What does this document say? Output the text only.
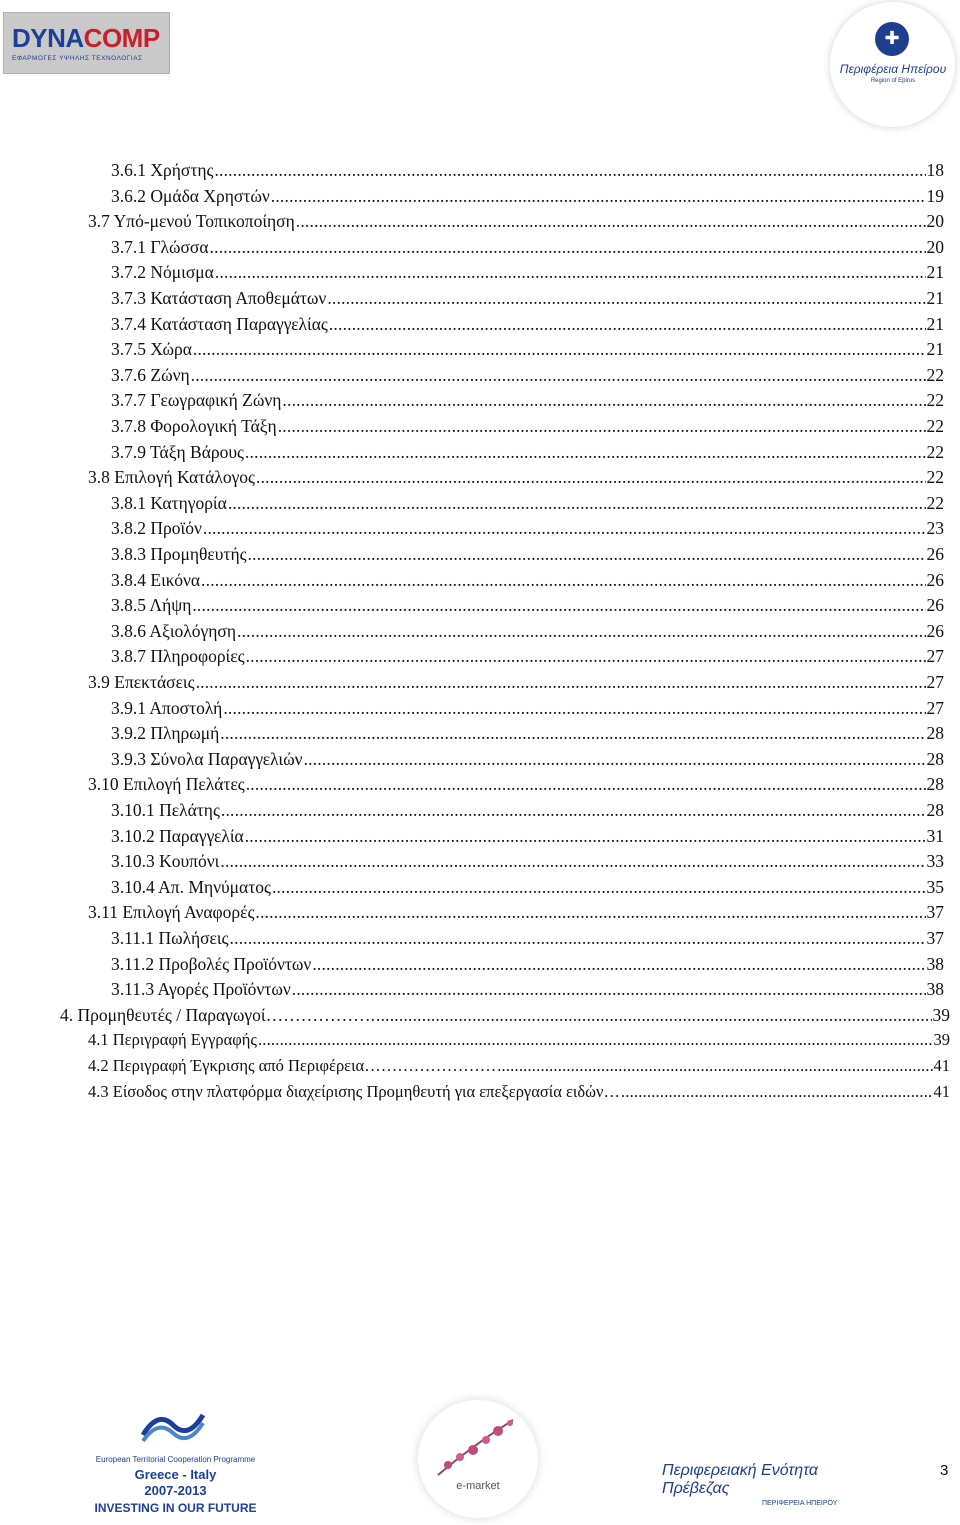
DYNACOMP
ΕΦΑΡΜΟΓΕΣ ΥΨΗΛΗΣ ΤΕΧΝΟΛΟΓΙΑΣ
✚
Περιφέρεια Ηπείρου
Region of Epirus
3.6.1 Χρήστης .....	18
3.6.2 Ομάδα Χρηστών .....	19
3.7 Υπό-μενού Τοπικοποίηση .....	20
3.7.1 Γλώσσα .....	20
3.7.2 Νόμισμα .....	21
3.7.3 Κατάσταση Αποθεμάτων .....	21
3.7.4 Κατάσταση Παραγγελίας .....	21
3.7.5 Χώρα .....	21
3.7.6 Ζώνη .....	22
3.7.7 Γεωγραφική Ζώνη .....	22
3.7.8 Φορολογική Τάξη .....	22
3.7.9 Τάξη Βάρους .....	22
3.8 Επιλογή Κατάλογος .....	22
3.8.1 Κατηγορία .....	22
3.8.2 Προϊόν .....	23
3.8.3 Προμηθευτής .....	26
3.8.4 Εικόνα .....	26
3.8.5 Λήψη .....	26
3.8.6 Αξιολόγηση .....	26
3.8.7 Πληροφορίες .....	27
3.9 Επεκτάσεις .....	27
3.9.1 Αποστολή .....	27
3.9.2 Πληρωμή .....	28
3.9.3 Σύνολα Παραγγελιών .....	28
3.10 Επιλογή Πελάτες .....	28
3.10.1 Πελάτης .....	28
3.10.2 Παραγγελία .....	31
3.10.3 Κουπόνι .....	33
3.10.4 Απ. Μηνύματος .....	35
3.11 Επιλογή Αναφορές .....	37
3.11.1 Πωλήσεις .....	37
3.11.2 Προβολές Προϊόντων .....	38
3.11.3 Αγορές Προϊόντων .....	38
4. Προμηθευτές / Παραγωγοί………………. .....	39
4.1 Περιγραφή Εγγραφής .....	39
4.2 Περιγραφή Έγκρισης από Περιφέρεια…………………… .....	41
4.3 Είσοδος στην πλατφόρμα διαχείρισης Προμηθευτή για επεξεργασία ειδών… .....	41
European Territorial Cooperation Programme
Greece - Italy
2007-2013
INVESTING IN OUR FUTURE
e-market
Περιφερειακή Ενότητα Πρέβεζας
ΠΕΡΙΦΕΡΕΙΑ ΗΠΕΙΡΟΥ
3
